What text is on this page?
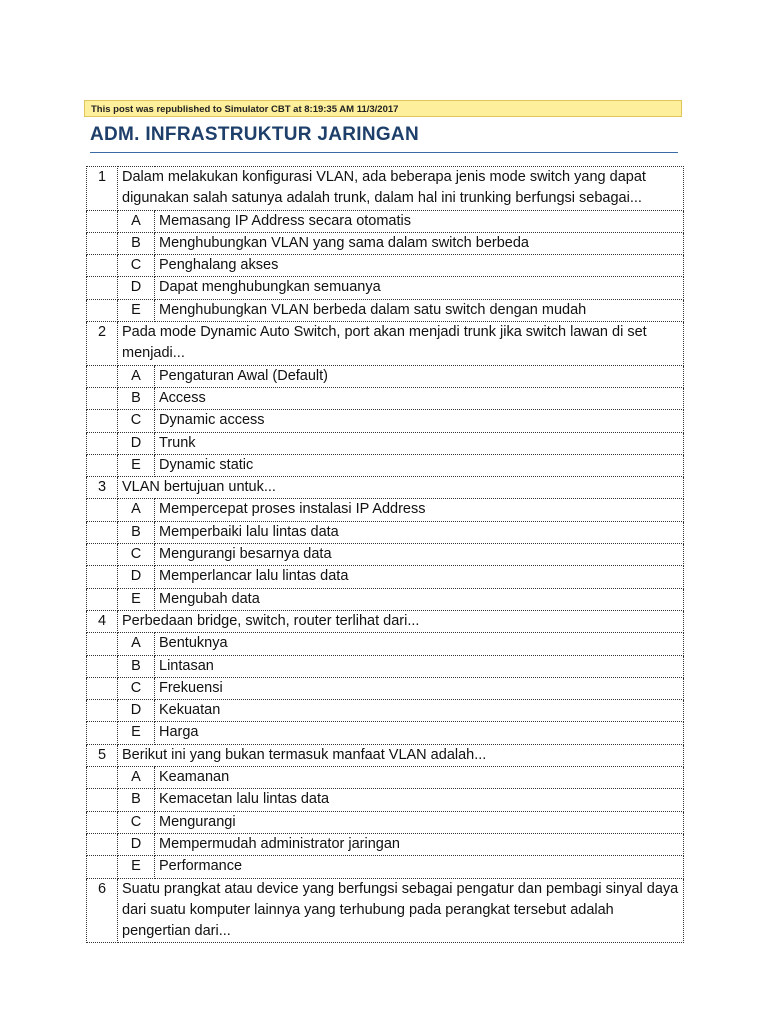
This post was republished to Simulator CBT at 8:19:35 AM 11/3/2017
ADM. INFRASTRUKTUR JARINGAN
1	Dalam melakukan konfigurasi VLAN, ada beberapa jenis mode switch yang dapat digunakan salah satunya adalah trunk, dalam hal ini trunking berfungsi sebagai...	
	A	Memasang IP Address secara otomatis
	B	Menghubungkan VLAN yang sama dalam switch berbeda
	C	Penghalang akses
	D	Dapat menghubungkan semuanya
	E	Menghubungkan VLAN berbeda dalam satu switch dengan mudah
2	Pada mode Dynamic Auto Switch, port akan menjadi trunk jika switch lawan di set menjadi...	
	A	Pengaturan Awal (Default)
	B	Access
	C	Dynamic access
	D	Trunk
	E	Dynamic static
3	VLAN bertujuan untuk...	
	A	Mempercepat proses instalasi IP Address
	B	Memperbaiki lalu lintas data
	C	Mengurangi besarnya data
	D	Memperlancar lalu lintas data
	E	Mengubah data
4	Perbedaan bridge, switch, router terlihat dari...	
	A	Bentuknya
	B	Lintasan
	C	Frekuensi
	D	Kekuatan
	E	Harga
5	Berikut ini yang bukan termasuk manfaat VLAN adalah...	
	A	Keamanan
	B	Kemacetan lalu lintas data
	C	Mengurangi
	D	Mempermudah administrator jaringan
	E	Performance
6	Suatu prangkat atau device yang berfungsi sebagai pengatur dan pembagi sinyal daya dari suatu komputer lainnya yang terhubung pada perangkat tersebut adalah pengertian dari...	
